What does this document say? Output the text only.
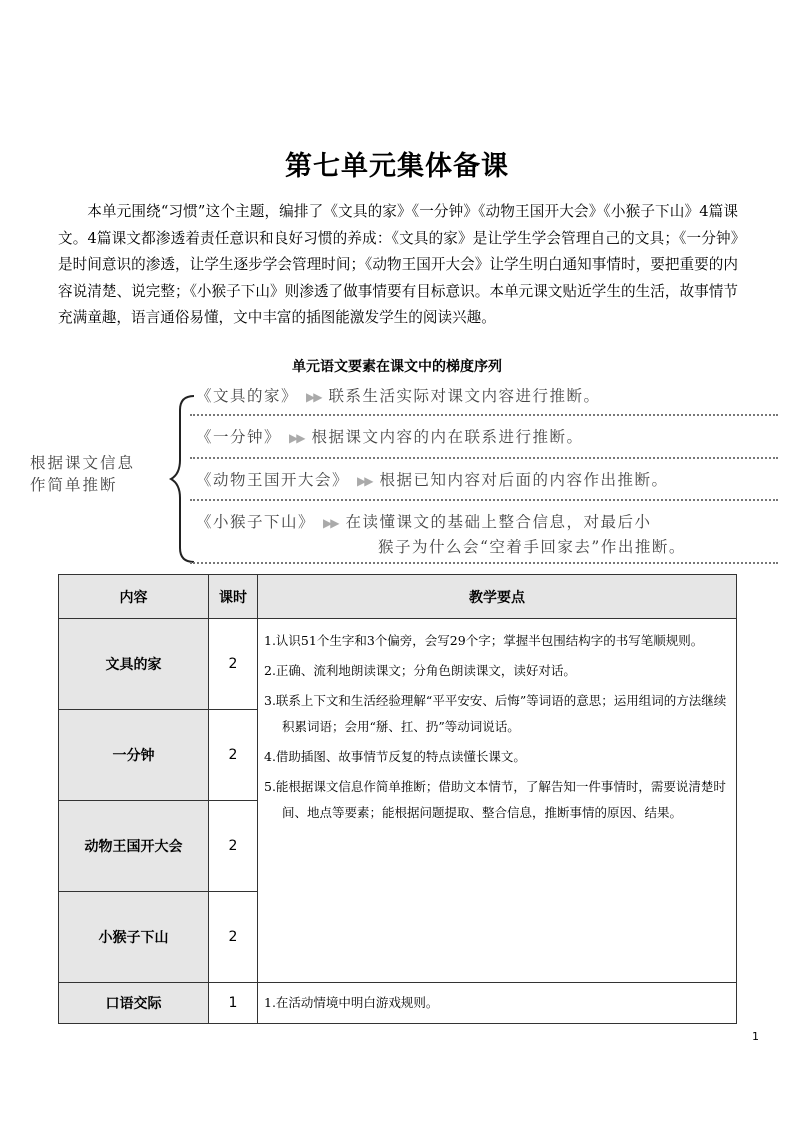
第七单元集体备课

本单元围绕“习惯”这个主题，编排了《文具的家》《一分钟》《动物王国开大会》《小猴子下山》4篇课文。4篇课文都渗透着责任意识和良好习惯的养成：《文具的家》是让学生学会管理自己的文具；《一分钟》是时间意识的渗透，让学生逐步学会管理时间；《动物王国开大会》让学生明白通知事情时，要把重要的内容说清楚、说完整；《小猴子下山》则渗透了做事情要有目标意识。本单元课文贴近学生的生活，故事情节充满童趣，语言通俗易懂，文中丰富的插图能激发学生的阅读兴趣。

单元语文要素在课文中的梯度序列
根据课文信息
作简单推断
《文具的家》 ▶▶ 联系生活实际对课文内容进行推断。
《一分钟》 ▶▶ 根据课文内容的内在联系进行推断。
《动物王国开大会》 ▶▶ 根据已知内容对后面的内容作出推断。
《小猴子下山》 ▶▶ 在读懂课文的基础上整合信息，对最后小
猴子为什么会“空着手回家去”作出推断。
内容	课时	教学要点
文具的家	2	1.认识51个生字和3个偏旁，会写29个字；掌握半包围结构字的书写笔顺规则。

2.正确、流利地朗读课文；分角色朗读课文，读好对话。

3.联系上下文和生活经验理解“平平安安、后悔”等词语的意思；运用组词的方法继续积累词语；会用“掰、扛、扔”等动词说话。

4.借助插图、故事情节反复的特点读懂长课文。

5.能根据课文信息作简单推断；借助文本情节，了解告知一件事情时，需要说清楚时间、地点等要素；能根据问题提取、整合信息，推断事情的原因、结果。

一分钟	2	
动物王国开大会	2	
小猴子下山	2	
口语交际	1	1.在活动情境中明白游戏规则。

1
